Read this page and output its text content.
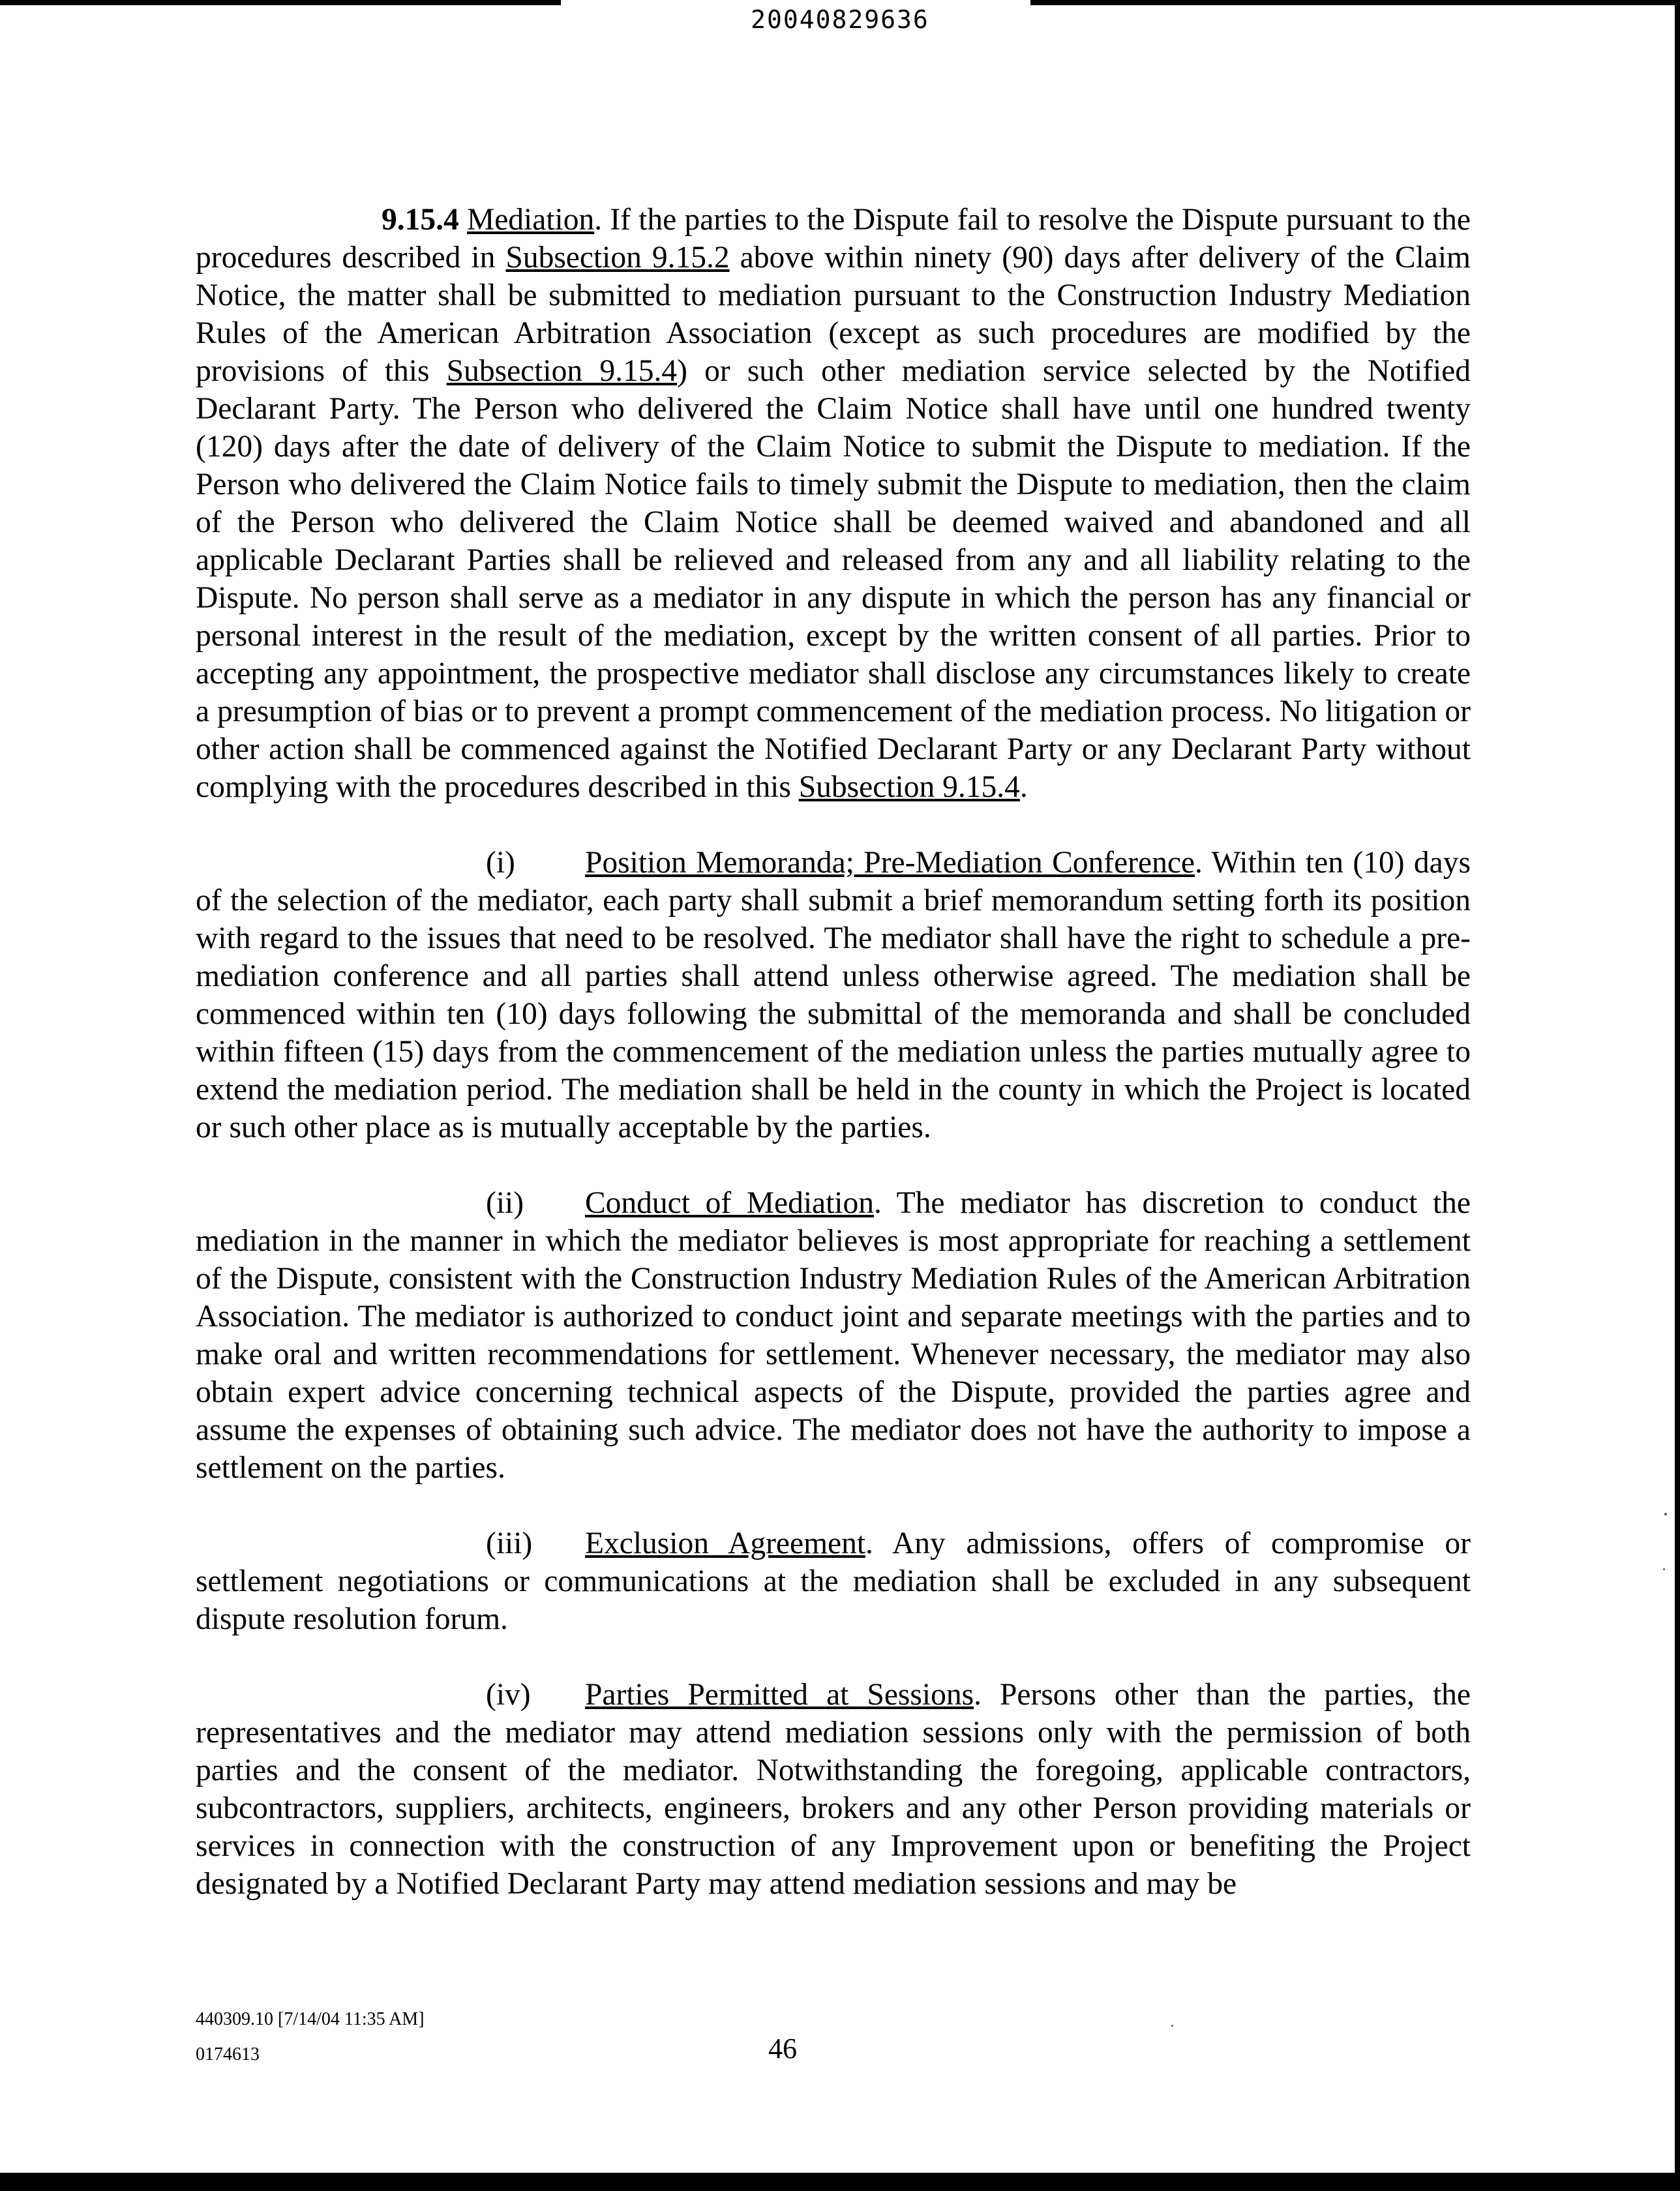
20040829636

9.15.4 Mediation. If the parties to the Dispute fail to resolve the Dispute pursuant to the procedures described in Subsection 9.15.2 above within ninety (90) days after delivery of the Claim Notice, the matter shall be submitted to mediation pursuant to the Construction Industry Mediation Rules of the American Arbitration Association (except as such procedures are modified by the provisions of this Subsection 9.15.4) or such other mediation service selected by the Notified Declarant Party. The Person who delivered the Claim Notice shall have until one hundred twenty (120) days after the date of delivery of the Claim Notice to submit the Dispute to mediation. If the Person who delivered the Claim Notice fails to timely submit the Dispute to mediation, then the claim of the Person who delivered the Claim Notice shall be deemed waived and abandoned and all applicable Declarant Parties shall be relieved and released from any and all liability relating to the Dispute. No person shall serve as a mediator in any dispute in which the person has any financial or personal interest in the result of the mediation, except by the written consent of all parties. Prior to accepting any appointment, the prospective mediator shall disclose any circumstances likely to create a presumption of bias or to prevent a prompt commencement of the mediation process. No litigation or other action shall be commenced against the Notified Declarant Party or any Declarant Party without complying with the procedures described in this Subsection 9.15.4.

(i) Position Memoranda; Pre-Mediation Conference. Within ten (10) days of the selection of the mediator, each party shall submit a brief memorandum setting forth its position with regard to the issues that need to be resolved. The mediator shall have the right to schedule a pre-mediation conference and all parties shall attend unless otherwise agreed. The mediation shall be commenced within ten (10) days following the submittal of the memoranda and shall be concluded within fifteen (15) days from the commencement of the mediation unless the parties mutually agree to extend the mediation period. The mediation shall be held in the county in which the Project is located or such other place as is mutually acceptable by the parties.

(ii) Conduct of Mediation. The mediator has discretion to conduct the mediation in the manner in which the mediator believes is most appropriate for reaching a settlement of the Dispute, consistent with the Construction Industry Mediation Rules of the American Arbitration Association. The mediator is authorized to conduct joint and separate meetings with the parties and to make oral and written recommendations for settlement. Whenever necessary, the mediator may also obtain expert advice concerning technical aspects of the Dispute, provided the parties agree and assume the expenses of obtaining such advice. The mediator does not have the authority to impose a settlement on the parties.

(iii) Exclusion Agreement. Any admissions, offers of compromise or settlement negotiations or communications at the mediation shall be excluded in any subsequent dispute resolution forum.

(iv) Parties Permitted at Sessions. Persons other than the parties, the representatives and the mediator may attend mediation sessions only with the permission of both parties and the consent of the mediator. Notwithstanding the foregoing, applicable contractors, subcontractors, suppliers, architects, engineers, brokers and any other Person providing materials or services in connection with the construction of any Improvement upon or benefiting the Project designated by a Notified Declarant Party may attend mediation sessions and may be

440309.10 [7/14/04 11:35 AM]
0174613	46
